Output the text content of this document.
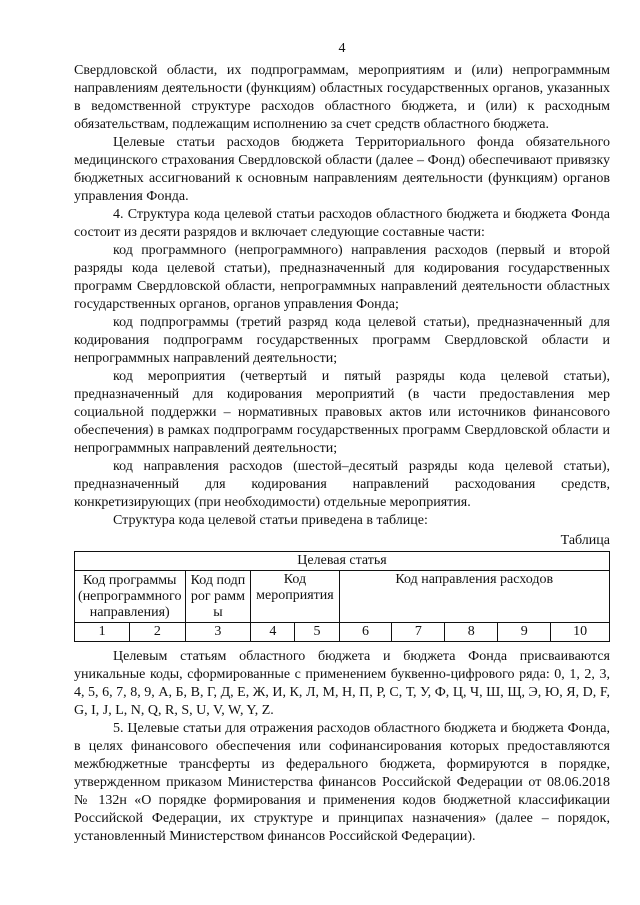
4

Свердловской области, их подпрограммам, мероприятиям и (или) непрограммным направлениям деятельности (функциям) областных государственных органов, указанных в ведомственной структуре расходов областного бюджета, и (или) к расходным обязательствам, подлежащим исполнению за счет средств областного бюджета.

Целевые статьи расходов бюджета Территориального фонда обязательного медицинского страхования Свердловской области (далее – Фонд) обеспечивают привязку бюджетных ассигнований к основным направлениям деятельности (функциям) органов управления Фонда.

4. Структура кода целевой статьи расходов областного бюджета и бюджета Фонда состоит из десяти разрядов и включает следующие составные части:

код программного (непрограммного) направления расходов (первый и второй разряды кода целевой статьи), предназначенный для кодирования государственных программ Свердловской области, непрограммных направлений деятельности областных государственных органов, органов управления Фонда;

код подпрограммы (третий разряд кода целевой статьи), предназначенный для кодирования подпрограмм государственных программ Свердловской области и непрограммных направлений деятельности;

код мероприятия (четвертый и пятый разряды кода целевой статьи), предназначенный для кодирования мероприятий (в части предоставления мер социальной поддержки – нормативных правовых актов или источников финансового обеспечения) в рамках подпрограмм государственных программ Свердловской области и непрограммных направлений деятельности;

код направления расходов (шестой–десятый разряды кода целевой статьи), предназначенный для кодирования направлений расходования средств, конкретизирующих (при необходимости) отдельные мероприятия.

Структура кода целевой статьи приведена в таблице:

Таблица
Целевая статья									
Код программы (непрограммного направления)		Код подпрог раммы	Код мероприятия		Код направления расходов				
1	2	3	4	5	6	7	8	9	10

Целевым статьям областного бюджета и бюджета Фонда присваиваются уникальные коды, сформированные с применением буквенно-цифрового ряда: 0, 1, 2, 3, 4, 5, 6, 7, 8, 9, А, Б, В, Г, Д, Е, Ж, И, К, Л, М, Н, П, Р, С, Т, У, Ф, Ц, Ч, Ш, Щ, Э, Ю, Я, D, F, G, I, J, L, N, Q, R, S, U, V, W, Y, Z.

5. Целевые статьи для отражения расходов областного бюджета и бюджета Фонда, в целях финансового обеспечения или софинансирования которых предоставляются межбюджетные трансферты из федерального бюджета, формируются в порядке, утвержденном приказом Министерства финансов Российской Федерации от 08.06.2018 № 132н «О порядке формирования и применения кодов бюджетной классификации Российской Федерации, их структуре и принципах назначения» (далее – порядок, установленный Министерством финансов Российской Федерации).
